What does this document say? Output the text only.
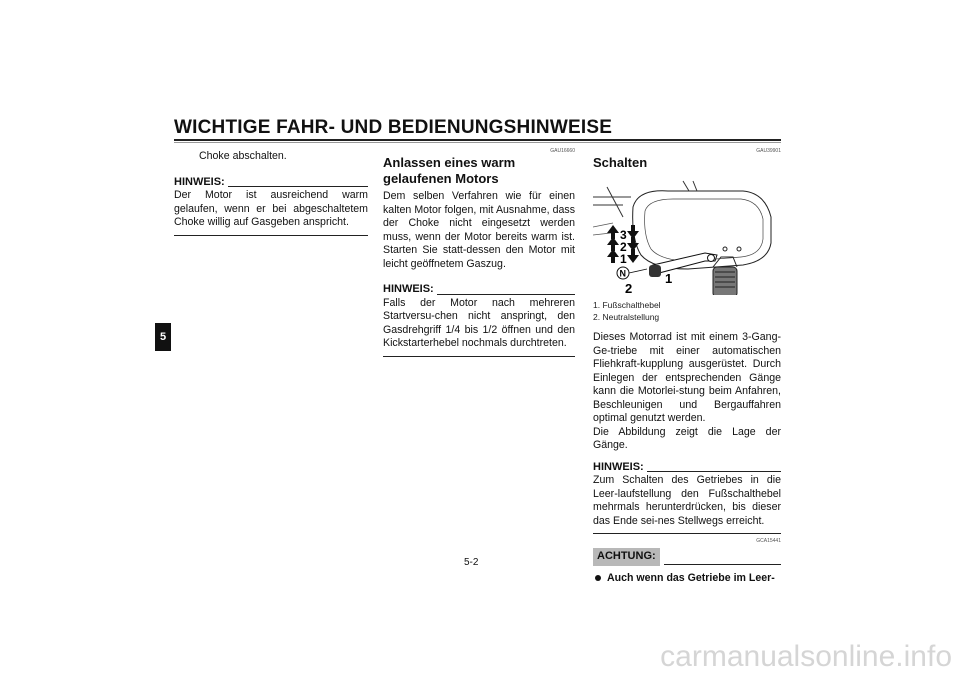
WICHTIGE FAHR- UND BEDIENUNGSHINWEISE
5

Choke abschalten.

HINWEIS:

Der Motor ist ausreichend warm gelaufen, wenn er bei abgeschaltetem Choke willig auf Gasgeben anspricht.

GAU16660
Anlassen eines warm gelaufenen Motors

Dem selben Verfahren wie für einen kalten Motor folgen, mit Ausnahme, dass der Choke nicht eingesetzt werden muss, wenn der Motor bereits warm ist. Starten Sie statt-dessen den Motor mit leicht geöffnetem Gaszug.

HINWEIS:

Falls der Motor nach mehreren Startversu-chen nicht anspringt, den Gasdrehgriff 1/4 bis 1/2 öffnen und den Kickstarterhebel nochmals durchtreten.

GAU39901
Schalten
3
2
1
N	1
2
1. Fußschalthebel
2. Neutralstellung

Dieses Motorrad ist mit einem 3-Gang-Ge-triebe mit einer automatischen Fliehkraft-kupplung ausgerüstet. Durch Einlegen der entsprechenden Gänge kann die Motorlei-stung beim Anfahren, Beschleunigen und Bergauffahren optimal genutzt werden.

Die Abbildung zeigt die Lage der Gänge.

HINWEIS:

Zum Schalten des Getriebes in die Leer-laufstellung den Fußschalthebel mehrmals herunterdrücken, bis dieser das Ende sei-nes Stellwegs erreicht.

GCA15441
ACHTUNG:
Auch wenn das Getriebe im Leer-
5-2
carmanualsonline.info
